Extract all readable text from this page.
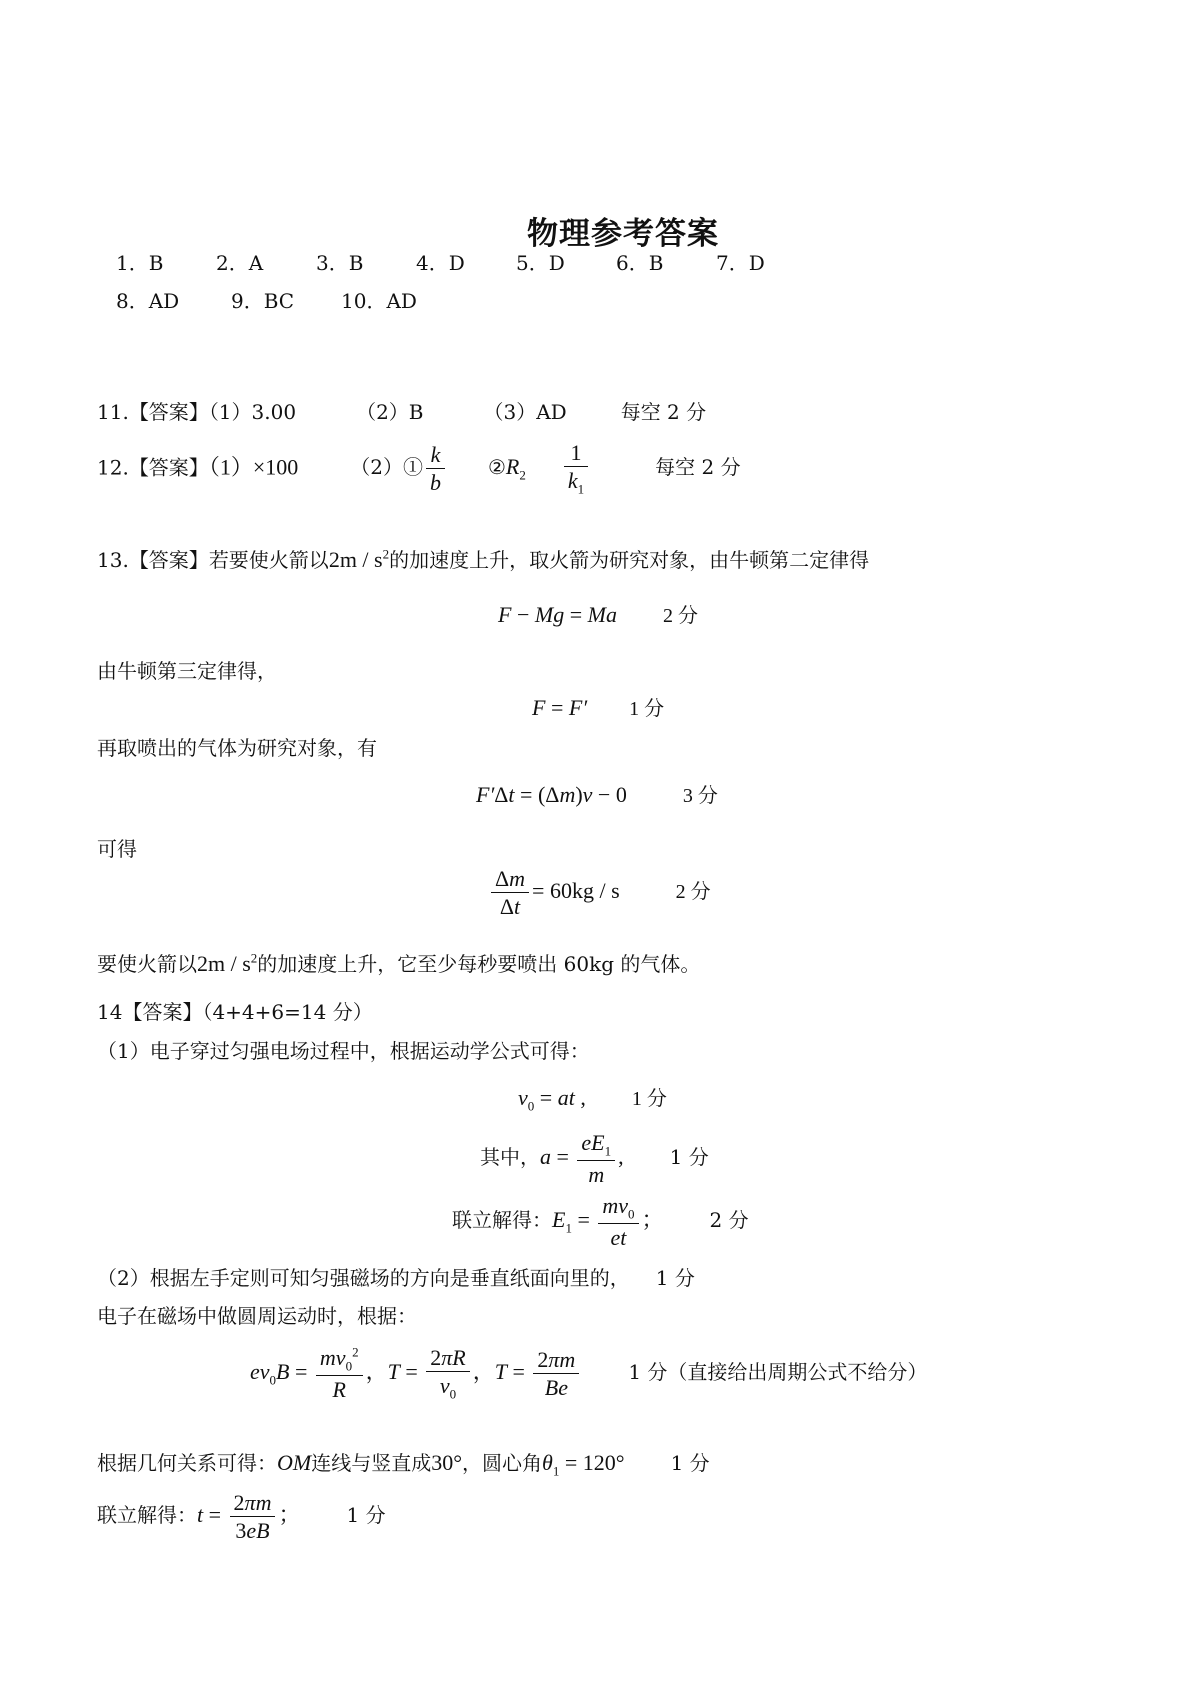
物理参考答案
1．B	2．A	3．B	4．D	5．D	6．B	7．D
8．AD	9．BC 10．AD
11.【答案】（1）3.00	（2）B	（3）AD	每空 2 分
12.【答案】（1）×100	（2）① $\frac{k}{b}$ $②R_2 \frac{1}{k_1}$	每空 2 分
13.【答案】若要使火箭以$2m / s^2$的加速度上升，取火箭为研究对象，由牛顿第二定律得
F − Mg = Ma 2 分
由牛顿第三定律得，
F = F′ 1 分
再取喷出的气体为研究对象，有
F′Δt = (Δm)v − 0	3 分
可得
$\frac{\Delta m}{\Delta t} = 60kg / s$	2 分
要使火箭以$2m / s^2$的加速度上升，它至少每秒要喷出 60kg 的气体。
14【答案】（4+4+6=14 分）
（1）电子穿过匀强电场过程中，根据运动学公式可得：
$v_0$ = at , 1 分
其中，$a = \frac{eE_1}{m}$ , 1 分
联立解得：$E_1 = \frac{mv_0}{et}$ ； 2 分
（2）根据左手定则可知匀强磁场的方向是垂直纸面向里的， 1 分
电子在磁场中做圆周运动时，根据：
$ev_0B = \frac{mv_0^2}{R}$ ，$T = \frac{2\pi R}{v_0}$ ，$T = \frac{2\pi m}{Be} 1$ 分（直接给出周期公式不给分）
根据几何关系可得：OM连线与竖直成30°，圆心角$\theta_1 = 120^\circ$ 1 分
联立解得：$t = \frac{2\pi m}{3eB}$ ； 1 分
